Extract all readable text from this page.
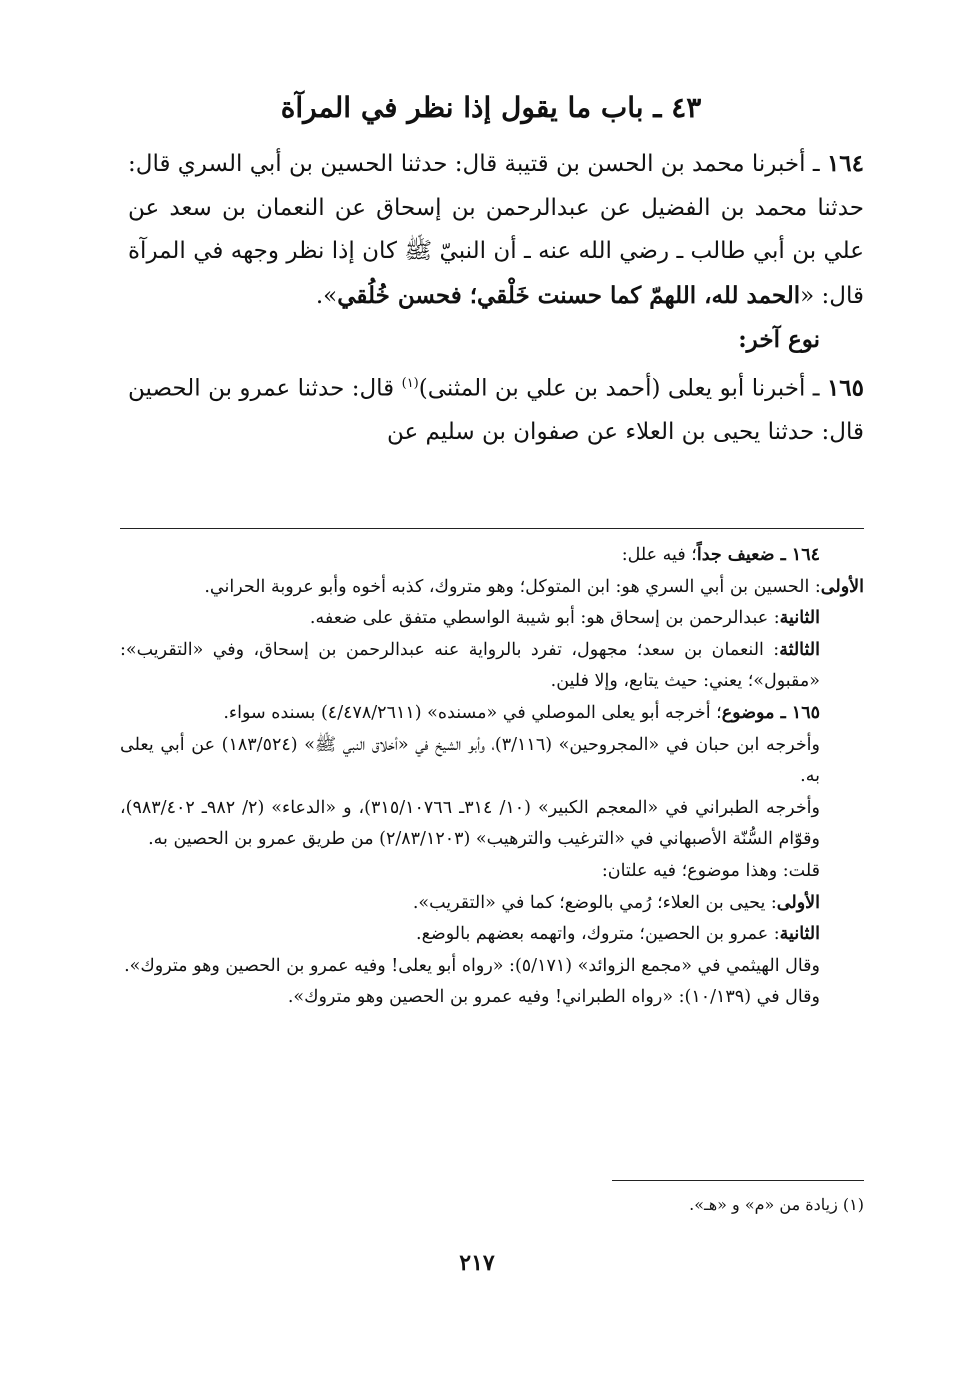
٤٣ ـ باب ما يقول إذا نظر في المرآة

١٦٤ ـ أخبرنا محمد بن الحسن بن قتيبة قال: حدثنا الحسين بن أبي السري قال: حدثنا محمد بن الفضيل عن عبدالرحمن بن إسحاق عن النعمان بن سعد عن علي بن أبي طالب ـ رضي الله عنه ـ أن النبيّ ﷺ كان إذا نظر وجهه في المرآة قال: «الحمد لله، اللهمّ كما حسنت خَلْقي؛ فحسن خُلُقي».

نوع آخر:

١٦٥ ـ أخبرنا أبو يعلى (أحمد بن علي بن المثنى)$^{(١)}$ قال: حدثنا عمرو بن الحصين قال: حدثنا يحيى بن العلاء عن صفوان بن سليم عن

١٦٤ ـ ضعيف جداً؛ فيه علل:

الأولى: الحسين بن أبي السري هو: ابن المتوكل؛ وهو متروك، كذبه أخوه وأبو عروبة الحراني.

الثانية: عبدالرحمن بن إسحاق هو: أبو شيبة الواسطي متفق على ضعفه.

الثالثة: النعمان بن سعد؛ مجهول، تفرد بالرواية عنه عبدالرحمن بن إسحاق، وفي «التقريب»: «مقبول»؛ يعني: حيث يتابع، وإلا فلين.

١٦٥ ـ موضوع؛ أخرجه أبو يعلى الموصلي في «مسنده» (٤/٤٧٨/٢٦١١) بسنده سواء.

وأخرجه ابن حبان في «المجروحين» (٣/١١٦)، وأبو الشيخ في «أخلاق النبي ﷺ» (١٨٣/٥٢٤) عن أبي يعلى به.

وأخرجه الطبراني في «المعجم الكبير» (١٠/ ٣١٤ـ ٣١٥/١٠٧٦٦)، و «الدعاء» (٢/ ٩٨٢ـ ٩٨٣/٤٠٢)، وقوّام السُّنّة الأصبهاني في «الترغيب والترهيب» (٢/٨٣/١٢٠٣) من طريق عمرو بن الحصين به.

قلت: وهذا موضوع؛ فيه علتان:

الأولى: يحيى بن العلاء؛ رُمي بالوضع؛ كما في «التقريب».

الثانية: عمرو بن الحصين؛ متروك، واتهمه بعضهم بالوضع.

وقال الهيثمي في «مجمع الزوائد» (٥/١٧١): «رواه أبو يعلى! وفيه عمرو بن الحصين وهو متروك».

وقال في (١٠/١٣٩): «رواه الطبراني! وفيه عمرو بن الحصين وهو متروك».

(١) زيادة من «م» و «هـ».
٢١٧
